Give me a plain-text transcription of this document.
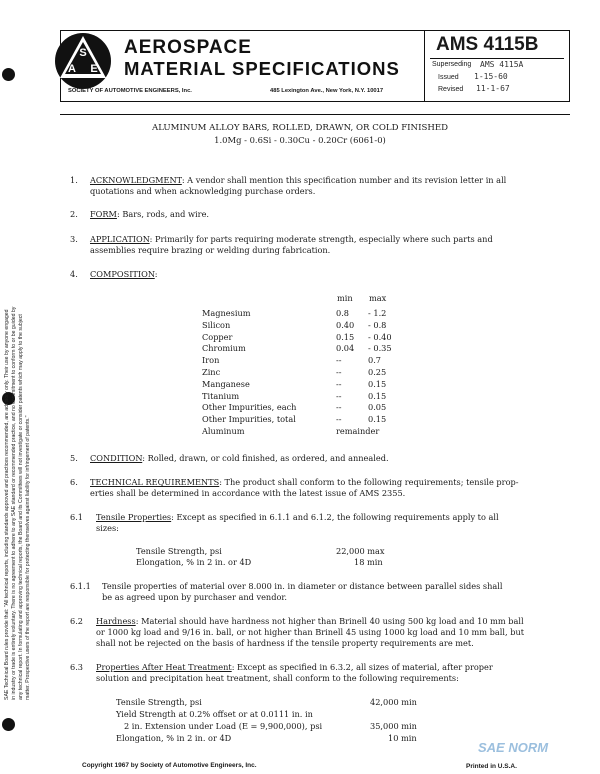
S
A E
AEROSPACE
MATERIAL SPECIFICATIONS
SOCIETY OF AUTOMOTIVE ENGINEERS, Inc.	485 Lexington Ave., New York, N.Y. 10017
AMS 4115B
Superseding AMS 4115A
Issued 1-15-60
Revised 11-1-67
SAE Technical Board rules provide that: "All technical reports, including standards approved and practices recommended, are advisory only. Their use by anyone engaged in industry or trade is entirely voluntary. There is no agreement to adhere to any SAE standard or recommended practice, and no commitment to conform to or be guided by any technical report. In formulating and approving technical reports, the Board and its Committees will not investigate or consider patents which may apply to the subject matter. Prospective users of the report are responsible for protecting themselves against liability for infringement of patents."
ALUMINUM ALLOY BARS, ROLLED, DRAWN, OR COLD FINISHED
1.0Mg - 0.6Si - 0.30Cu - 0.20Cr (6061-0)
1. ACKNOWLEDGMENT: A vendor shall mention this specification number and its revision letter in all
quotations and when acknowledging purchase orders.
2. FORM: Bars, rods, and wire.
3. APPLICATION: Primarily for parts requiring moderate strength, especially where such parts and
assemblies require brazing or welding during fabrication.
4. COMPOSITION:
min max
Magnesium	0.8	- 1.2
Silicon	0.40	- 0.8
Copper	0.15	- 0.40
Chromium	0.04	- 0.35
Iron	--	0.7
Zinc	--	0.25
Manganese	--	0.15
Titanium	--	0.15
Other Impurities, each	--	0.05
Other Impurities, total	--	0.15
Aluminum	remainder	
5. CONDITION: Rolled, drawn, or cold finished, as ordered, and annealed.
6. TECHNICAL REQUIREMENTS: The product shall conform to the following requirements; tensile prop-
erties shall be determined in accordance with the latest issue of AMS 2355.
6.1 Tensile Properties: Except as specified in 6.1.1 and 6.1.2, the following requirements apply to all
sizes:
Tensile Strength, psi	22,000 max
Elongation, % in 2 in. or 4D	18 min
6.1.1 Tensile properties of material over 8.000 in. in diameter or distance between parallel sides shall
be as agreed upon by purchaser and vendor.
6.2 Hardness: Material should have hardness not higher than Brinell 40 using 500 kg load and 10 mm ball
or 1000 kg load and 9/16 in. ball, or not higher than Brinell 45 using 1000 kg load and 10 mm ball, but
shall not be rejected on the basis of hardness if the tensile property requirements are met.
6.3 Properties After Heat Treatment: Except as specified in 6.3.2, all sizes of material, after proper
solution and precipitation heat treatment, shall conform to the following requirements:
Tensile Strength, psi	42,000 min
Yield Strength at 0.2% offset or at 0.0111 in. in
2 in. Extension under Load (E = 9,900,000), psi	35,000 min
Elongation, % in 2 in. or 4D	10 min
Copyright 1967 by Society of Automotive Engineers, Inc.	Printed in U.S.A.
SAE NORM
